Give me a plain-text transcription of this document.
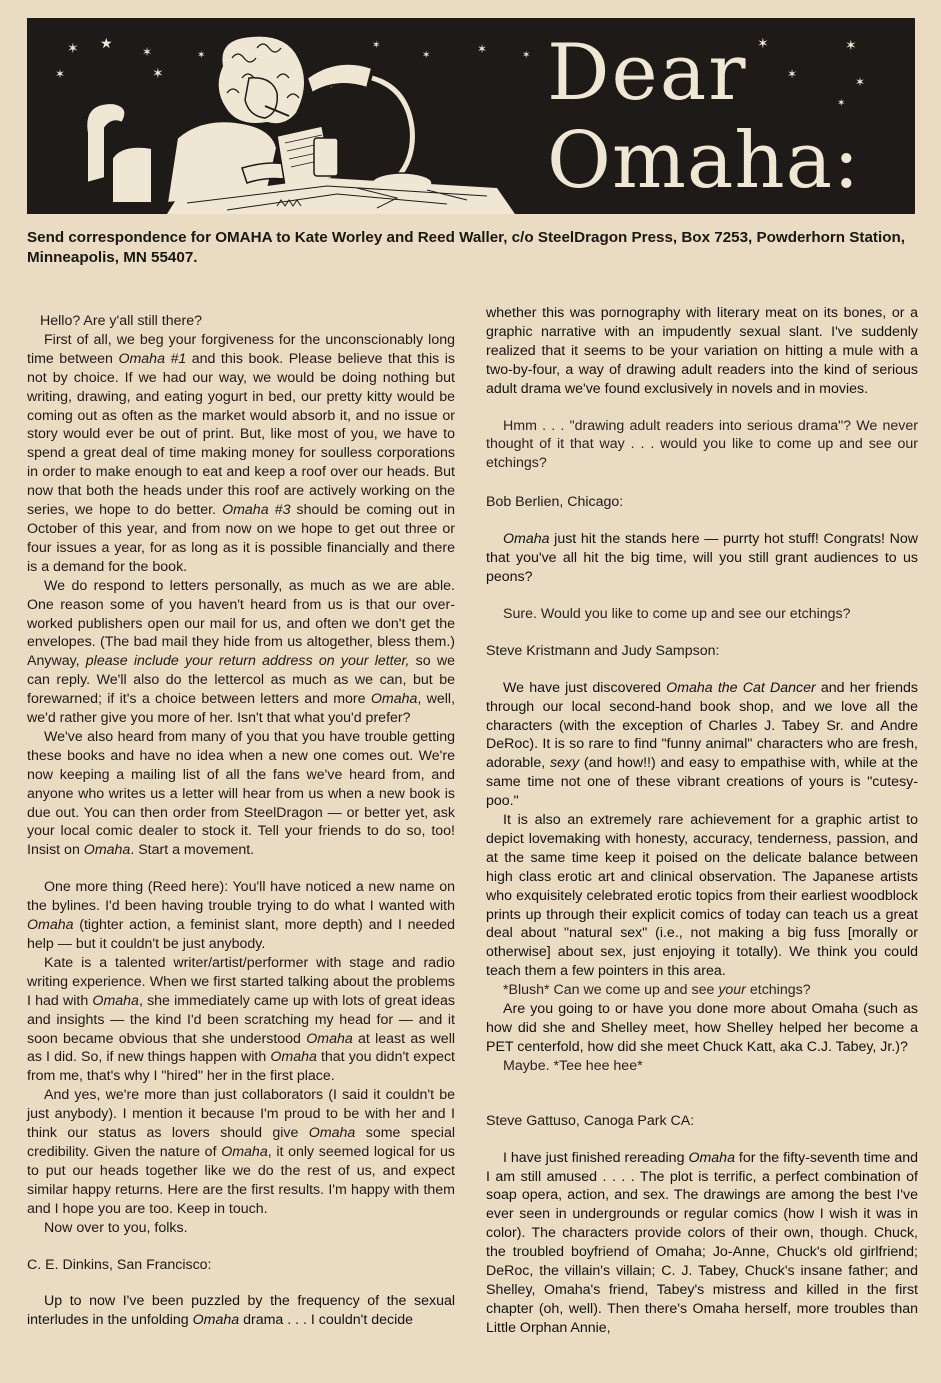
✶ ★ ✶
✶	✶
✶
✶
✶	✶	✶
✶	✶
✶
✶
✶
Dear
Omaha:
Send correspondence for OMAHA to Kate Worley and Reed Waller, c/o SteelDragon Press, Box 7253, Powderhorn Station, Minneapolis, MN 55407.

Hello? Are y'all still there?

First of all, we beg your forgiveness for the unconscionably long time between Omaha #1 and this book. Please believe that this is not by choice. If we had our way, we would be doing nothing but writing, drawing, and eating yogurt in bed, our pretty kitty would be coming out as often as the market would absorb it, and no issue or story would ever be out of print. But, like most of you, we have to spend a great deal of time making money for soulless corporations in order to make enough to eat and keep a roof over our heads. But now that both the heads under this roof are actively working on the series, we hope to do better. Omaha #3 should be coming out in October of this year, and from now on we hope to get out three or four issues a year, for as long as it is possible financially and there is a demand for the book.

We do respond to letters personally, as much as we are able. One reason some of you haven't heard from us is that our over-worked publishers open our mail for us, and often we don't get the envelopes. (The bad mail they hide from us altogether, bless them.) Anyway, please include your return address on your letter, so we can reply. We'll also do the lettercol as much as we can, but be forewarned; if it's a choice between letters and more Omaha, well, we'd rather give you more of her. Isn't that what you'd prefer?

We've also heard from many of you that you have trouble getting these books and have no idea when a new one comes out. We're now keeping a mailing list of all the fans we've heard from, and anyone who writes us a letter will hear from us when a new book is due out. You can then order from SteelDragon — or better yet, ask your local comic dealer to stock it. Tell your friends to do so, too! Insist on Omaha. Start a movement.

One more thing (Reed here): You'll have noticed a new name on the bylines. I'd been having trouble trying to do what I wanted with Omaha (tighter action, a feminist slant, more depth) and I needed help — but it couldn't be just anybody.

Kate is a talented writer/artist/performer with stage and radio writing experience. When we first started talking about the problems I had with Omaha, she immediately came up with lots of great ideas and insights — the kind I'd been scratching my head for — and it soon became obvious that she understood Omaha at least as well as I did. So, if new things happen with Omaha that you didn't expect from me, that's why I "hired" her in the first place.

And yes, we're more than just collaborators (I said it couldn't be just anybody). I mention it because I'm proud to be with her and I think our status as lovers should give Omaha some special credibility. Given the nature of Omaha, it only seemed logical for us to put our heads together like we do the rest of us, and expect similar happy returns. Here are the first results. I'm happy with them and I hope you are too. Keep in touch.

Now over to you, folks.

C. E. Dinkins, San Francisco:

Up to now I've been puzzled by the frequency of the sexual interludes in the unfolding Omaha drama . . . I couldn't decide

whether this was pornography with literary meat on its bones, or a graphic narrative with an impudently sexual slant. I've suddenly realized that it seems to be your variation on hitting a mule with a two-by-four, a way of drawing adult readers into the kind of serious adult drama we've found exclusively in novels and in movies.

Hmm . . . "drawing adult readers into serious drama"? We never thought of it that way . . . would you like to come up and see our etchings?

Bob Berlien, Chicago:

Omaha just hit the stands here — purrty hot stuff! Congrats! Now that you've all hit the big time, will you still grant audiences to us peons?

Sure. Would you like to come up and see our etchings?

Steve Kristmann and Judy Sampson:

We have just discovered Omaha the Cat Dancer and her friends through our local second-hand book shop, and we love all the characters (with the exception of Charles J. Tabey Sr. and Andre DeRoc). It is so rare to find "funny animal" characters who are fresh, adorable, sexy (and how!!) and easy to empathise with, while at the same time not one of these vibrant creations of yours is "cutesy-poo."

It is also an extremely rare achievement for a graphic artist to depict lovemaking with honesty, accuracy, tenderness, passion, and at the same time keep it poised on the delicate balance between high class erotic art and clinical observation. The Japanese artists who exquisitely celebrated erotic topics from their earliest woodblock prints up through their explicit comics of today can teach us a great deal about "natural sex" (i.e., not making a big fuss [morally or otherwise] about sex, just enjoying it totally). We think you could teach them a few pointers in this area.

*Blush* Can we come up and see your etchings?

Are you going to or have you done more about Omaha (such as how did she and Shelley meet, how Shelley helped her become a PET centerfold, how did she meet Chuck Katt, aka C.J. Tabey, Jr.)?

Maybe. *Tee hee hee*

Steve Gattuso, Canoga Park CA:

I have just finished rereading Omaha for the fifty-seventh time and I am still amused . . . . The plot is terrific, a perfect combination of soap opera, action, and sex. The drawings are among the best I've ever seen in undergrounds or regular comics (how I wish it was in color). The characters provide colors of their own, though. Chuck, the troubled boyfriend of Omaha; Jo-Anne, Chuck's old girlfriend; DeRoc, the villain's villain; C. J. Tabey, Chuck's insane father; and Shelley, Omaha's friend, Tabey's mistress and killed in the first chapter (oh, well). Then there's Omaha herself, more troubles than Little Orphan Annie,
